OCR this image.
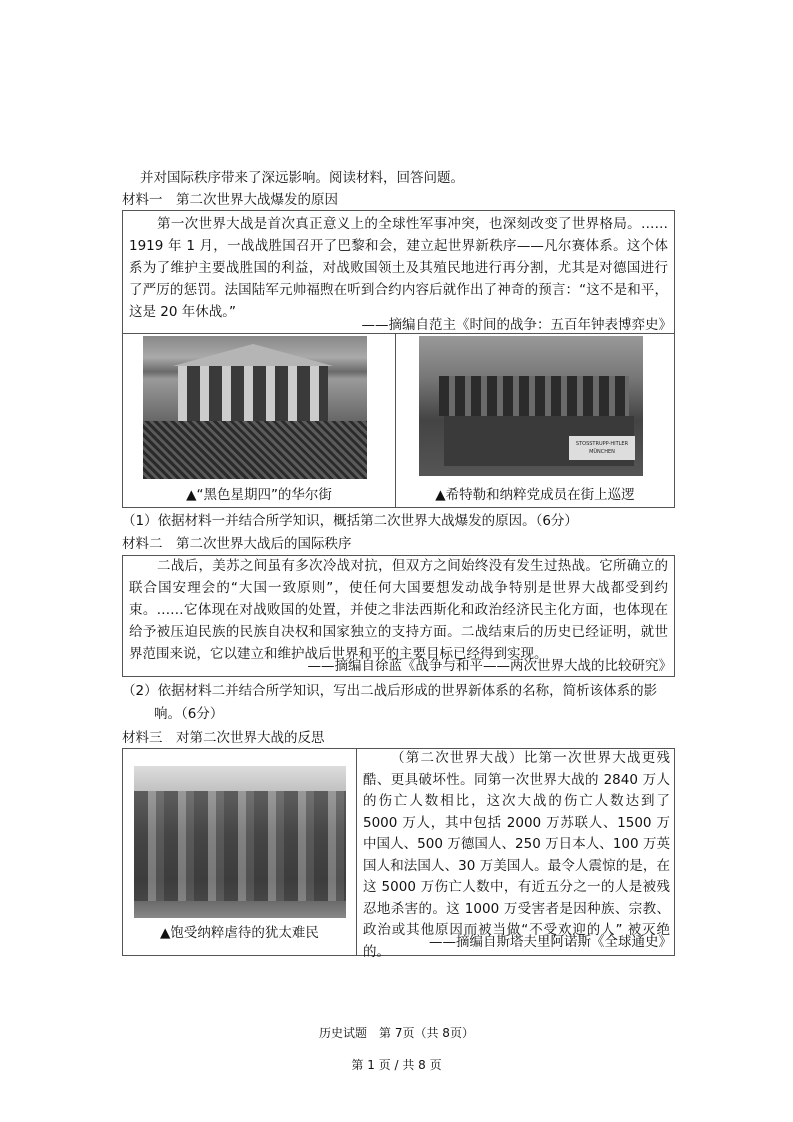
并对国际秩序带来了深远影响。阅读材料，回答问题。
材料一　第二次世界大战爆发的原因
第一次世界大战是首次真正意义上的全球性军事冲突，也深刻改变了世界格局。……1919 年 1 月，一战战胜国召开了巴黎和会，建立起世界新秩序——凡尔赛体系。这个体系为了维护主要战胜国的利益，对战败国领土及其殖民地进行再分割，尤其是对德国进行了严厉的惩罚。法国陆军元帅福煦在听到合约内容后就作出了神奇的预言：“这不是和平，这是 20 年休战。”
——摘编自范主《时间的战争：五百年钟表博弈史》
STOSSTRUPP-HITLER MÜNCHEN
▲“黑色星期四”的华尔街	▲希特勒和纳粹党成员在街上巡逻
（1）依据材料一并结合所学知识，概括第二次世界大战爆发的原因。（6分）
材料二　第二次世界大战后的国际秩序
二战后，美苏之间虽有多次冷战对抗，但双方之间始终没有发生过热战。它所确立的联合国安理会的“大国一致原则”，使任何大国要想发动战争特别是世界大战都受到约束。……它体现在对战败国的处置，并使之非法西斯化和政治经济民主化方面，也体现在给予被压迫民族的民族自决权和国家独立的支持方面。二战结束后的历史已经证明，就世界范围来说，它以建立和维护战后世界和平的主要目标已经得到实现。
——摘编自徐蓝《战争与和平——两次世界大战的比较研究》
（2）依据材料二并结合所学知识，写出二战后形成的世界新体系的名称，简析该体系的影
响。（6分）
材料三　对第二次世界大战的反思
▲饱受纳粹虐待的犹太难民
（第二次世界大战）比第一次世界大战更残酷、更具破坏性。同第一次世界大战的 2840 万人的伤亡人数相比，这次大战的伤亡人数达到了 5000 万人，其中包括 2000 万苏联人、1500 万中国人、500 万德国人、250 万日本人、100 万英国人和法国人、30 万美国人。最令人震惊的是，在这 5000 万伤亡人数中，有近五分之一的人是被残忍地杀害的。这 1000 万受害者是因种族、宗教、政治或其他原因而被当做“不受欢迎的人” 被灭绝的。
——摘编自斯塔夫里阿诺斯《全球通史》
历史试题　第 7页（共 8页）
第 1 页 / 共 8 页
